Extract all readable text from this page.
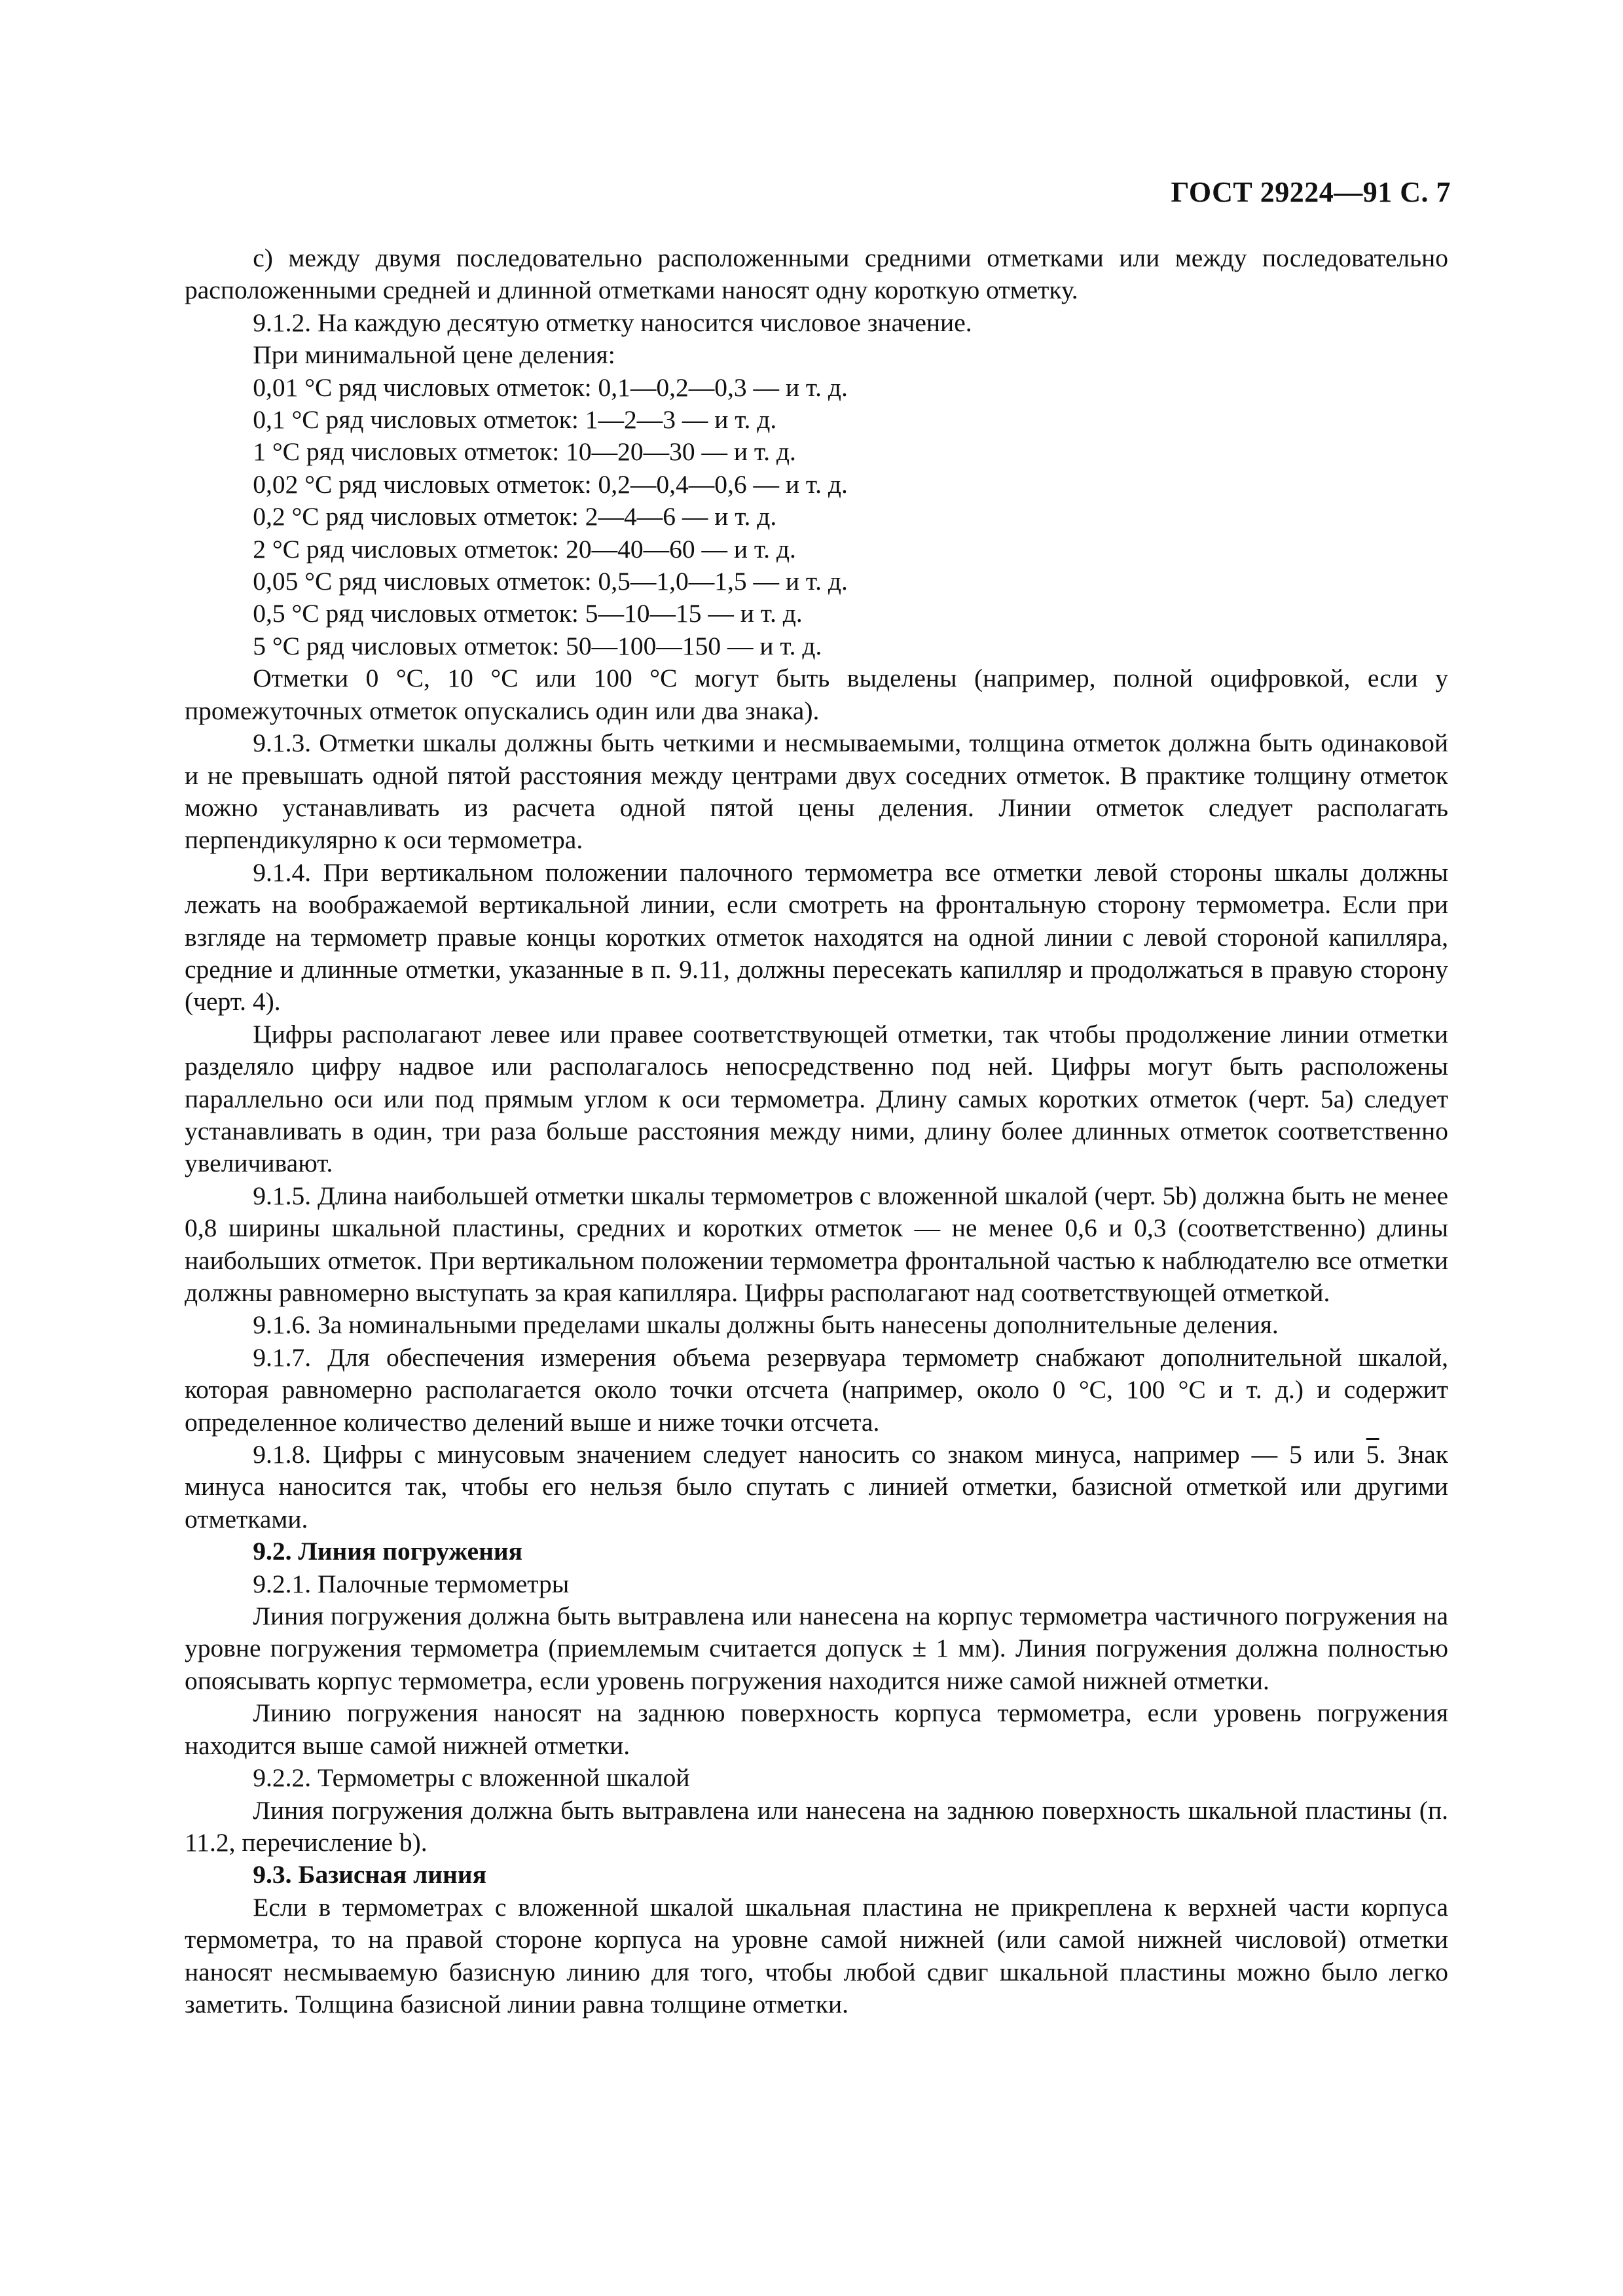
ГОСТ 29224—91 С. 7

c) между двумя последовательно расположенными средними отметками или между последовательно расположенными средней и длинной отметками наносят одну короткую отметку.

9.1.2. На каждую десятую отметку наносится числовое значение.

При минимальной цене деления:

0,01 °C ряд числовых отметок: 0,1—0,2—0,3 — и т. д.

0,1 °C ряд числовых отметок: 1—2—3 — и т. д.

1 °C ряд числовых отметок: 10—20—30 — и т. д.

0,02 °C ряд числовых отметок: 0,2—0,4—0,6 — и т. д.

0,2 °C ряд числовых отметок: 2—4—6 — и т. д.

2 °C ряд числовых отметок: 20—40—60 — и т. д.

0,05 °C ряд числовых отметок: 0,5—1,0—1,5 — и т. д.

0,5 °C ряд числовых отметок: 5—10—15 — и т. д.

5 °C ряд числовых отметок: 50—100—150 — и т. д.

Отметки 0 °C, 10 °C или 100 °C могут быть выделены (например, полной оцифровкой, если у промежуточных отметок опускались один или два знака).

9.1.3. Отметки шкалы должны быть четкими и несмываемыми, толщина отметок должна быть одинаковой и не превышать одной пятой расстояния между центрами двух соседних отметок. В практике толщину отметок можно устанавливать из расчета одной пятой цены деления. Линии отметок следует располагать перпендикулярно к оси термометра.

9.1.4. При вертикальном положении палочного термометра все отметки левой стороны шкалы должны лежать на воображаемой вертикальной линии, если смотреть на фронтальную сторону термометра. Если при взгляде на термометр правые концы коротких отметок находятся на одной линии с левой стороной капилляра, средние и длинные отметки, указанные в п. 9.11, должны пересекать капилляр и продолжаться в правую сторону (черт. 4).

Цифры располагают левее или правее соответствующей отметки, так чтобы продолжение линии отметки разделяло цифру надвое или располагалось непосредственно под ней. Цифры могут быть расположены параллельно оси или под прямым углом к оси термометра. Длину самых коротких отметок (черт. 5а) следует устанавливать в один, три раза больше расстояния между ними, длину более длинных отметок соответственно увеличивают.

9.1.5. Длина наибольшей отметки шкалы термометров с вложенной шкалой (черт. 5b) должна быть не менее 0,8 ширины шкальной пластины, средних и коротких отметок — не менее 0,6 и 0,3 (соответственно) длины наибольших отметок. При вертикальном положении термометра фронтальной частью к наблюдателю все отметки должны равномерно выступать за края капилляра. Цифры располагают над соответствующей отметкой.

9.1.6. За номинальными пределами шкалы должны быть нанесены дополнительные деления.

9.1.7. Для обеспечения измерения объема резервуара термометр снабжают дополнительной шкалой, которая равномерно располагается около точки отсчета (например, около 0 °C, 100 °C и т. д.) и содержит определенное количество делений выше и ниже точки отсчета.

9.1.8. Цифры с минусовым значением следует наносить со знаком минуса, например — 5 или 5. Знак минуса наносится так, чтобы его нельзя было спутать с линией отметки, базисной отметкой или другими отметками.

9.2. Линия погружения

9.2.1. Палочные термометры

Линия погружения должна быть вытравлена или нанесена на корпус термометра частичного погружения на уровне погружения термометра (приемлемым считается допуск ± 1 мм). Линия погружения должна полностью опоясывать корпус термометра, если уровень погружения находится ниже самой нижней отметки.

Линию погружения наносят на заднюю поверхность корпуса термометра, если уровень погружения находится выше самой нижней отметки.

9.2.2. Термометры с вложенной шкалой

Линия погружения должна быть вытравлена или нанесена на заднюю поверхность шкальной пластины (п. 11.2, перечисление b).

9.3. Базисная линия

Если в термометрах с вложенной шкалой шкальная пластина не прикреплена к верхней части корпуса термометра, то на правой стороне корпуса на уровне самой нижней (или самой нижней числовой) отметки наносят несмываемую базисную линию для того, чтобы любой сдвиг шкальной пластины можно было легко заметить. Толщина базисной линии равна толщине отметки.
